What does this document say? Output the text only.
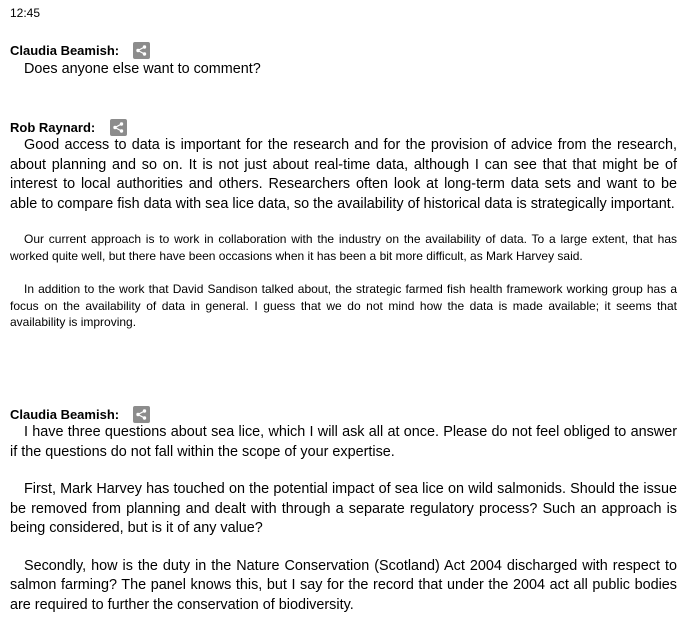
12:45
Claudia Beamish:

Does anyone else want to comment?

Rob Raynard:

Good access to data is important for the research and for the provision of advice from the research, about planning and so on. It is not just about real-time data, although I can see that that might be of interest to local authorities and others. Researchers often look at long-term data sets and want to be able to compare fish data with sea lice data, so the availability of historical data is strategically important.

Our current approach is to work in collaboration with the industry on the availability of data. To a large extent, that has worked quite well, but there have been occasions when it has been a bit more difficult, as Mark Harvey said.

In addition to the work that David Sandison talked about, the strategic farmed fish health framework working group has a focus on the availability of data in general. I guess that we do not mind how the data is made available; it seems that availability is improving.

Claudia Beamish:

I have three questions about sea lice, which I will ask all at once. Please do not feel obliged to answer if the questions do not fall within the scope of your expertise.

First, Mark Harvey has touched on the potential impact of sea lice on wild salmonids. Should the issue be removed from planning and dealt with through a separate regulatory process? Such an approach is being considered, but is it of any value?

Secondly, how is the duty in the Nature Conservation (Scotland) Act 2004 discharged with respect to salmon farming? The panel knows this, but I say for the record that under the 2004 act all public bodies are required to further the conservation of biodiversity.
